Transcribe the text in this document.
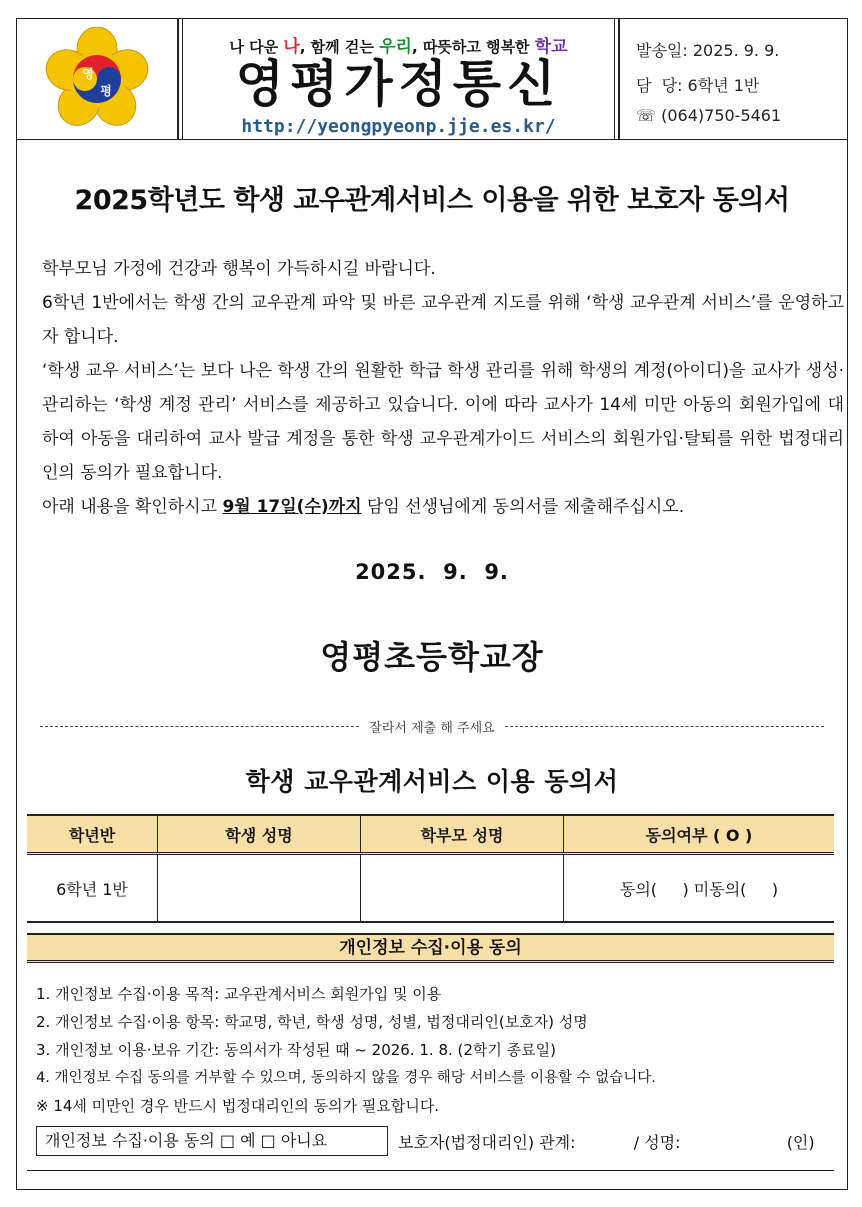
영
평
나 다운 나, 함께 걷는 우리, 따뜻하고 행복한 학교
영평가정통신
http://yeongpyeonp.jje.es.kr/
발송일: 2025. 9. 9.
담  당: 6학년 1반
☏ (064)750-5461
2025학년도 학생 교우관계서비스 이용을 위한 보호자 동의서

학부모님 가정에 건강과 행복이 가득하시길 바랍니다.

6학년 1반에서는 학생 간의 교우관계 파악 및 바른 교우관계 지도를 위해 ‘학생 교우관계 서비스’를 운영하고자 합니다.

‘학생 교우 서비스’는 보다 나은 학생 간의 원활한 학급 학생 관리를 위해 학생의 계정(아이디)을 교사가 생성·관리하는 ‘학생 계정 관리’ 서비스를 제공하고 있습니다. 이에 따라 교사가 14세 미만 아동의 회원가입에 대하여 아동을 대리하여 교사 발급 계정을 통한 학생 교우관계가이드 서비스의 회원가입·탈퇴를 위한 법정대리인의 동의가 필요합니다.

아래 내용을 확인하시고 9월 17일(수)까지 담임 선생님에게 동의서를 제출해주십시오.

2025.  9.  9.
영평초등학교장
잘라서 제출 해 주세요
학생 교우관계서비스 이용 동의서
학년반	학생 성명	학부모 성명	동의여부 ( O )
6학년 1반			동의(     ) 미동의(     )
개인정보 수집·이용 동의
1. 개인정보 수집·이용 목적: 교우관계서비스 회원가입 및 이용
2. 개인정보 수집·이용 항목: 학교명, 학년, 학생 성명, 성별, 법정대리인(보호자) 성명
3. 개인정보 이용·보유 기간: 동의서가 작성된 때 ~ 2026. 1. 8. (2학기 종료일)
4. 개인정보 수집 동의를 거부할 수 있으며, 동의하지 않을 경우 해당 서비스를 이용할 수 없습니다.
※ 14세 미만인 경우 반드시 법정대리인의 동의가 필요합니다.
개인정보 수집·이용 동의 □ 예 □ 아니요	보호자(법정대리인) 관계:	/ 성명:	(인)
